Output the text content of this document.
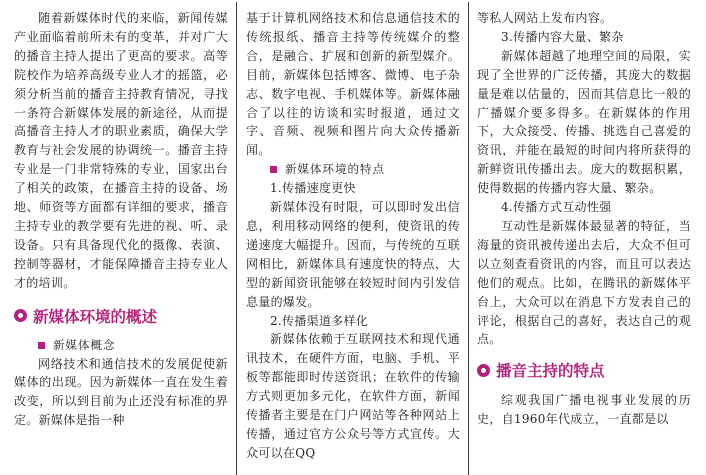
随着新媒体时代的来临，新闻传媒产业面临着前所未有的变革，并对广大的播音主持人提出了更高的要求。高等院校作为培养高级专业人才的摇篮，必须分析当前的播音主持教育情况，寻找一条符合新媒体发展的新途径，从而提高播音主持人才的职业素质，确保大学教育与社会发展的协调统一。播音主持专业是一门非常特殊的专业，国家出台了相关的政策，在播音主持的设备、场地、师资等方面都有详细的要求，播音主持专业的教学要有先进的视、听、录设备。只有具备现代化的摄像、表演、控制等器材，才能保障播音主持专业人才的培训。

新媒体环境的概述
新媒体概念

网络技术和通信技术的发展促使新媒体的出现。因为新媒体一直在发生着改变，所以到目前为止还没有标准的界定。新媒体是指一种

基于计算机网络技术和信息通信技术的传统报纸、播音主持等传统媒介的整合，是融合、扩展和创新的新型媒介。目前，新媒体包括博客、微博、电子杂志、数字电视、手机媒体等。新媒体融合了以往的访谈和实时报道，通过文字、音频、视频和图片向大众传播新闻。

新媒体环境的特点

1.传播速度更快

新媒体没有时限，可以即时发出信息，利用移动网络的便利，使资讯的传递速度大幅提升。因而，与传统的互联网相比，新媒体具有速度快的特点，大型的新闻资讯能够在较短时间内引发信息量的爆发。

2.传播渠道多样化

新媒体依赖于互联网技术和现代通讯技术，在硬件方面，电脑、手机、平板等都能即时传送资讯；在软件的传输方式则更加多元化，在软件方面，新闻传播者主要是在门户网站等各种网站上传播，通过官方公众号等方式宣传。大众可以在QQ

等私人网站上发布内容。

3.传播内容大量、繁杂

新媒体超越了地理空间的局限，实现了全世界的广泛传播，其庞大的数据量是难以估量的，因而其信息比一般的广播媒介要多得多。在新媒体的作用下，大众接受、传播、挑选自己喜爱的资讯，并能在最短的时间内将所获得的新鲜资讯传播出去。庞大的数据积累，使得数据的传播内容大量、繁杂。

4.传播方式互动性强

互动性是新媒体最显著的特征，当海量的资讯被传递出去后，大众不但可以立刻查看资讯的内容，而且可以表达他们的观点。比如，在腾讯的新媒体平台上，大众可以在消息下方发表自己的评论，根据自己的喜好，表达自己的观点。

播音主持的特点

综观我国广播电视事业发展的历史，自1960年代成立，一直都是以
